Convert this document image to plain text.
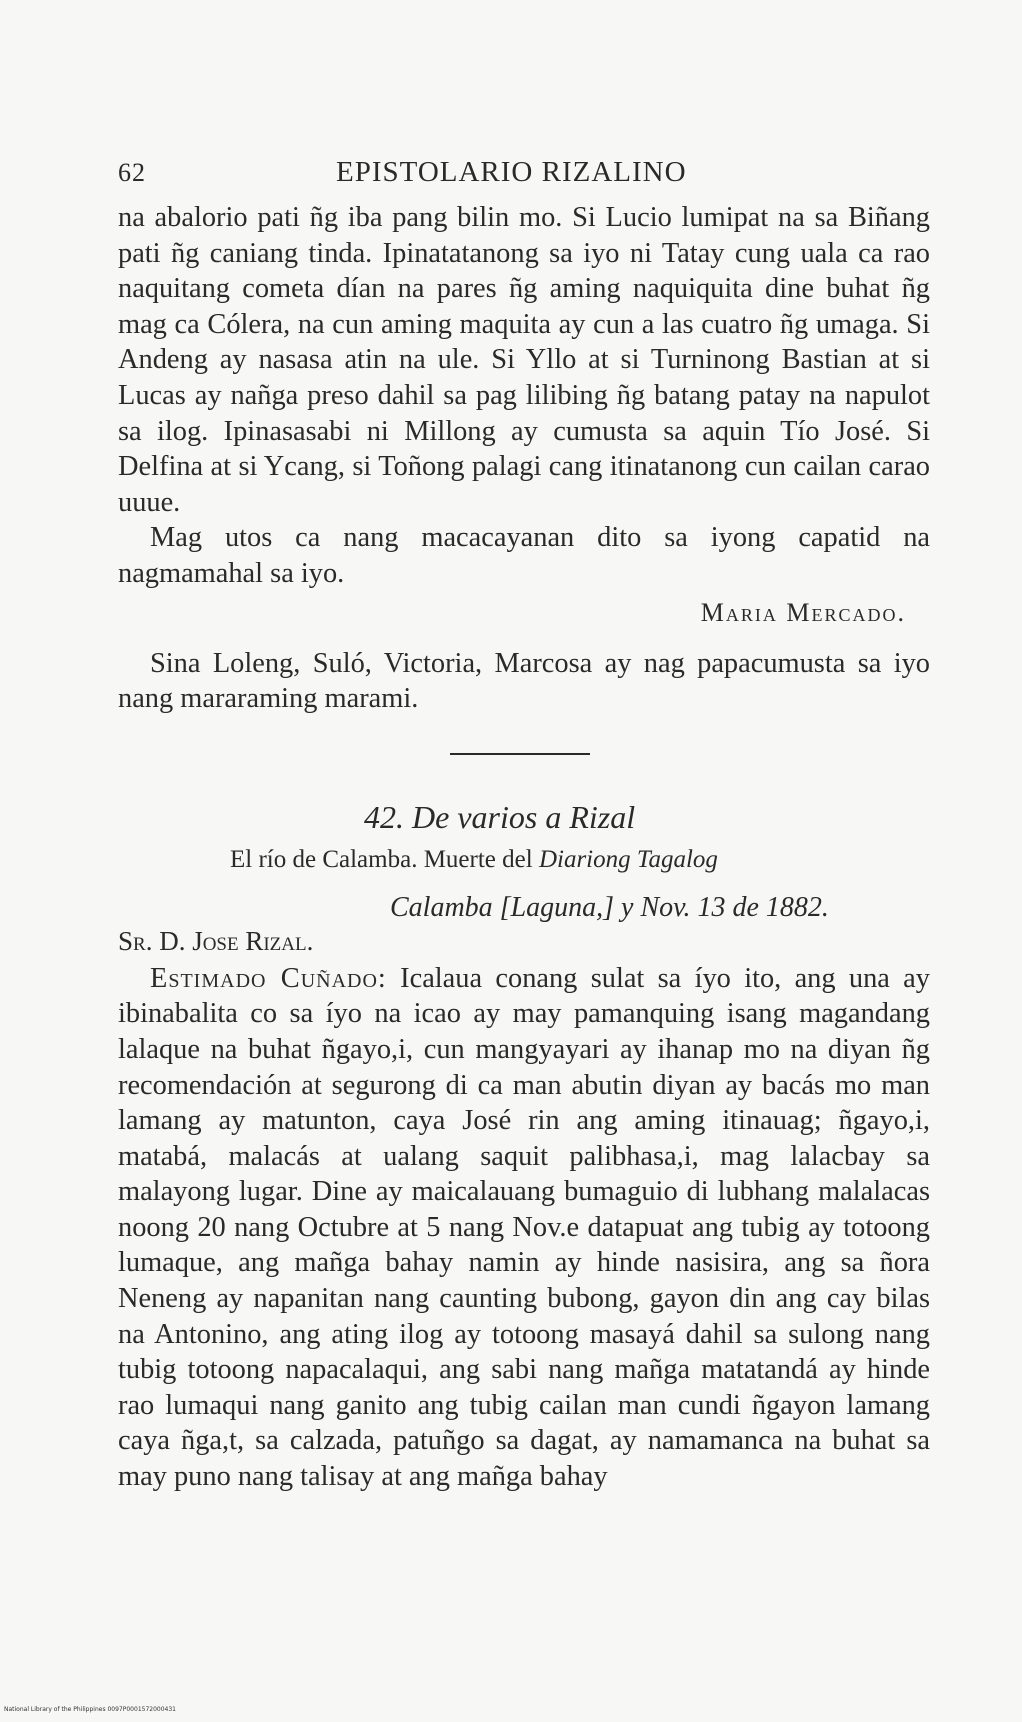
62	EPISTOLARIO RIZALINO

na abalorio pati ñg iba pang bilin mo. Si Lucio lumipat na sa Biñang pati ñg caniang tinda. Ipinatatanong sa iyo ni Tatay cung uala ca rao naquitang cometa dían na pares ñg aming naquiquita dine buhat ñg mag ca Cólera, na cun aming maquita ay cun a las cuatro ñg umaga. Si Andeng ay nasasa atin na ule. Si Yllo at si Turninong Bastian at si Lucas ay nañga preso dahil sa pag lilibing ñg batang patay na napulot sa ilog. Ipinasasabi ni Millong ay cumusta sa aquin Tío José. Si Delfina at si Ycang, si Toñong palagi cang itinatanong cun cailan carao uuue.

Mag utos ca nang macacayanan dito sa iyong capatid na nagmamahal sa iyo.

Maria Mercado.

Sina Loleng, Suló, Victoria, Marcosa ay nag papacumusta sa iyo nang mararaming marami.

42. De varios a Rizal
El río de Calamba. Muerte del Diariong Tagalog
Calamba [Laguna,] y Nov. 13 de 1882.
Sr. D. Jose Rizal.

Estimado Cuñado: Icalaua conang sulat sa íyo ito, ang una ay ibinabalita co sa íyo na icao ay may pamanquing isang magandang lalaque na buhat ñgayo,i, cun mangyayari ay ihanap mo na diyan ñg recomendación at segurong di ca man abutin diyan ay bacás mo man lamang ay matunton, caya José rin ang aming itinauag; ñgayo,i, matabá, malacás at ualang saquit palibhasa,i, mag lalacbay sa malayong lugar. Dine ay maicalauang bumaguio di lubhang malalacas noong 20 nang Octubre at 5 nang Nov.e datapuat ang tubig ay totoong lumaque, ang mañga bahay namin ay hinde nasisira, ang sa ñora Neneng ay napanitan nang caunting bubong, gayon din ang cay bilas na Antonino, ang ating ilog ay totoong masayá dahil sa sulong nang tubig totoong napacalaqui, ang sabi nang mañga matatandá ay hinde rao lumaqui nang ganito ang tubig cailan man cundi ñgayon lamang caya ñga,t, sa calzada, patuñgo sa dagat, ay namamanca na buhat sa may puno nang talisay at ang mañga bahay

National Library of the Philippines 0097P0001572000431
